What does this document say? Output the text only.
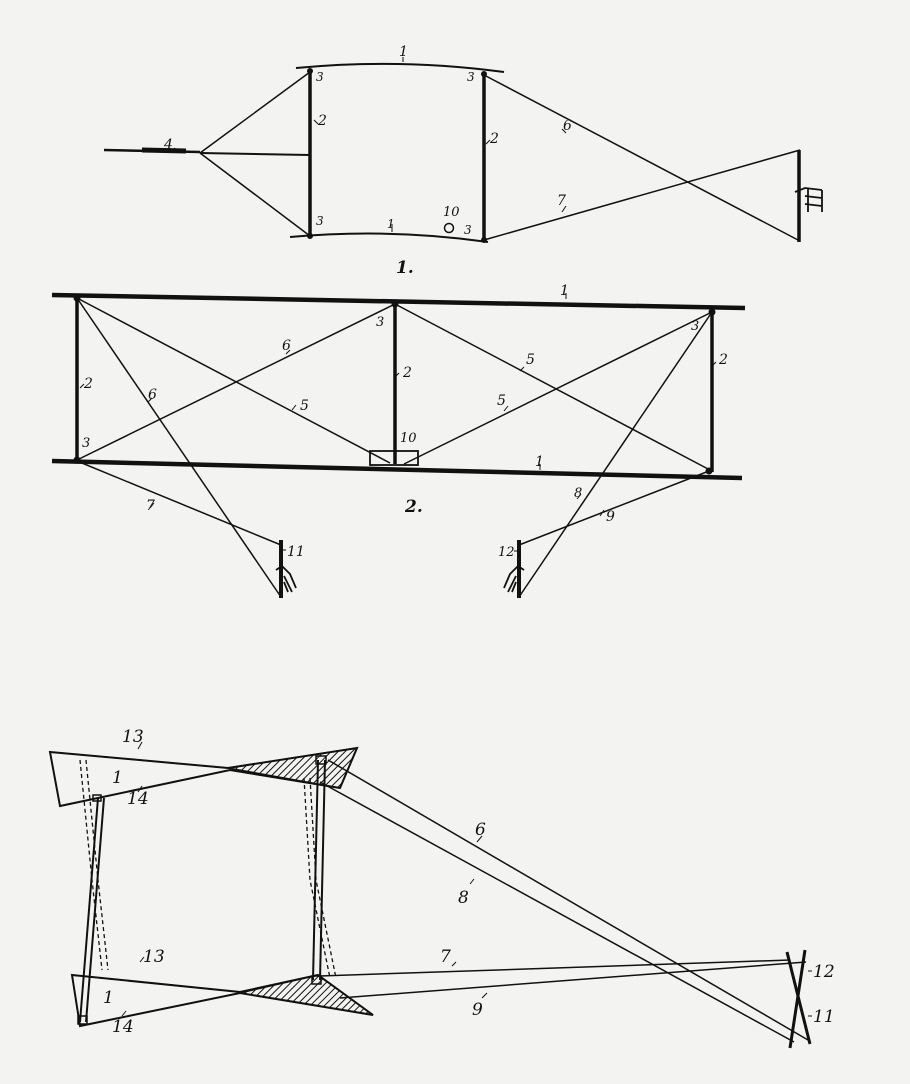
1
2
3	3
3
3
2
4
6
7
1
10
1.
1
2
6
6
5
3
2
5
5
3
2
3	10
1
2.
7
8
9
11	12
13
1
14
6
8
13	7
12
1
9	11
14
